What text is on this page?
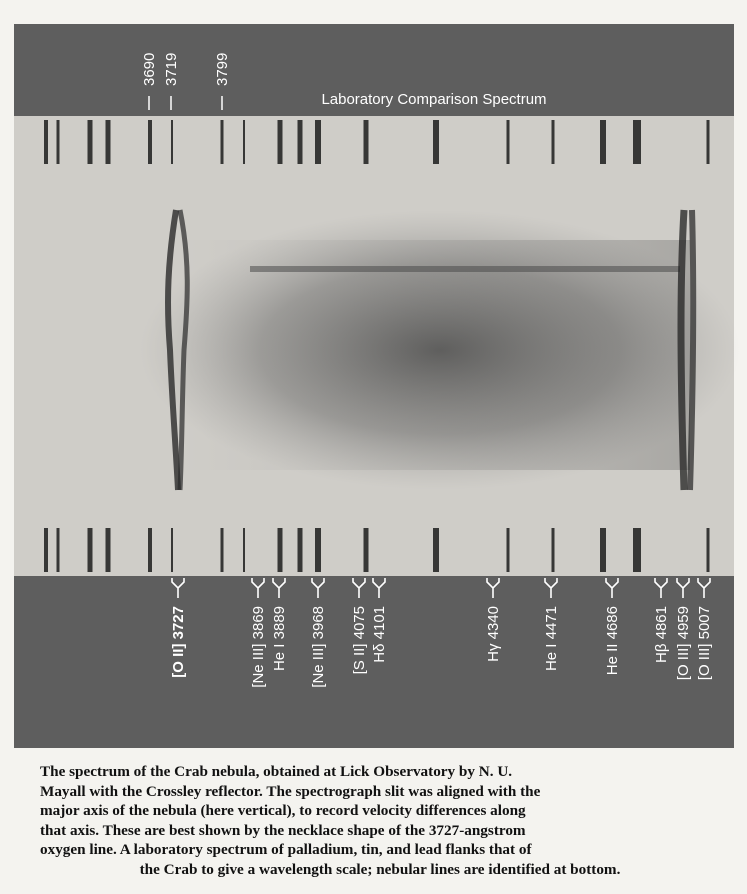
Laboratory Comparison Spectrum
3690 3719 3799
[O II] 3727	[Ne III] 3869 He I 3889 [Ne III] 3968 [S II] 4075 Hδ 4101	Hγ 4340	He I 4471	He II 4686 Hβ 4861 [O III] 4959 [O III] 5007
The spectrum of the Crab nebula, obtained at Lick Observatory by N. U.
Mayall with the Crossley reflector. The spectrograph slit was aligned with the
major axis of the nebula (here vertical), to record velocity differences along
that axis. These are best shown by the necklace shape of the 3727-angstrom
oxygen line. A laboratory spectrum of palladium, tin, and lead flanks that of
the Crab to give a wavelength scale; nebular lines are identified at bottom.
